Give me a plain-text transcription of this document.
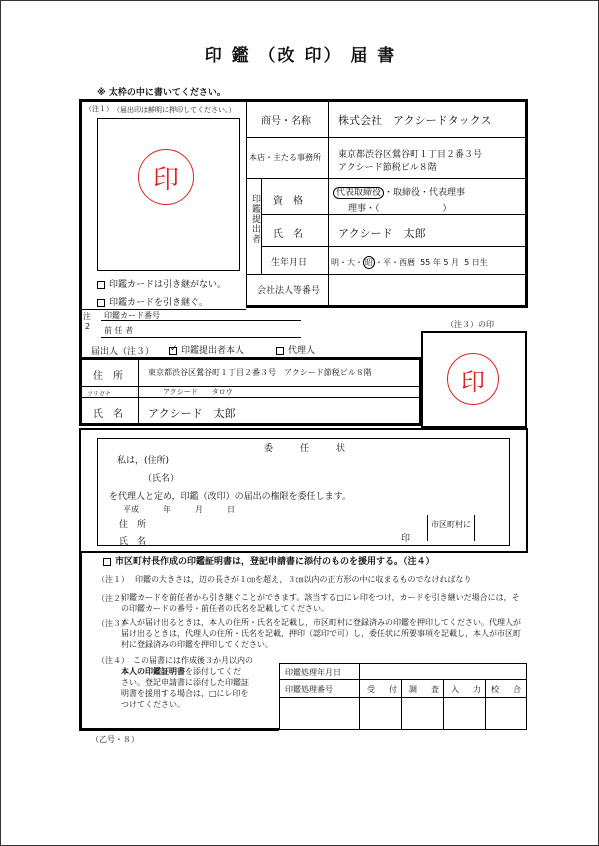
印 鑑 （改 印） 届 書
※ 太枠の中に書いてください。
（注１） （届出印は鮮明に押印してください。）
印
印鑑カードは引き継がない。
印鑑カードを引き継ぐ。
注
2
印鑑カード番号
前 任 者
商号・名称 株式会社　アクシードタックス
本店・主たる事務所 東京都渋谷区鶯谷町１丁目２番３号
アクシード節税ビル８階
印鑑提出者 資　格
代表取締役 ・取締役・代表理事
理事・（　　　　　　　）
氏　名	アクシード　太郎
生年月日	明・大・ 昭 ・平・西暦 55 年 5 月 5 日生
会社法人等番号
（注３）の印
印
届出人（注３）
✓	印鑑提出者本人	代理人
住　所	東京都渋谷区鶯谷町１丁目２番３号　アクシード節税ビル８階
フリガナ	アクシード　　タロウ
氏　名 アクシード　太郎
委　　　任　　　状
私は，(住所)
（氏名）
を代理人と定め，印鑑（改印）の届出の権限を委任します。
平成　　　年　　　月　　　日
住　所
氏　名	印
市区町村に
市区町村長作成の印鑑証明書は，登記申請書に添付のものを援用する。（注４）
（注１） 印鑑の大きさは，辺の長さが１㎝を超え，３㎝以内の正方形の中に収まるものでなければなり
（注２）
印鑑カードを前任者から引き継ぐことができます。該当する□にレ印をつけ，カードを引き継いだ場合には，その印鑑カードの番号・前任者の氏名を記載してください。
（注３）
本人が届け出るときは，本人の住所・氏名を記載し，市区町村に登録済みの印鑑を押印してください。代理人が届け出るときは，代理人の住所・氏名を記載，押印（認印で可）し，委任状に所要事項を記載し，本人が市区町村に登録済みの印鑑を押印してください。
（注４） この届書には作成後３か月以内の
本人の印鑑証明書を添付してくだ
さい。登記申請書に添付した印鑑証
明書を援用する場合は，□にレ印を
つけてください。
印鑑処理年月日
印鑑処理番号	受 付 調 査 入 力 校 合
（乙号・８）
